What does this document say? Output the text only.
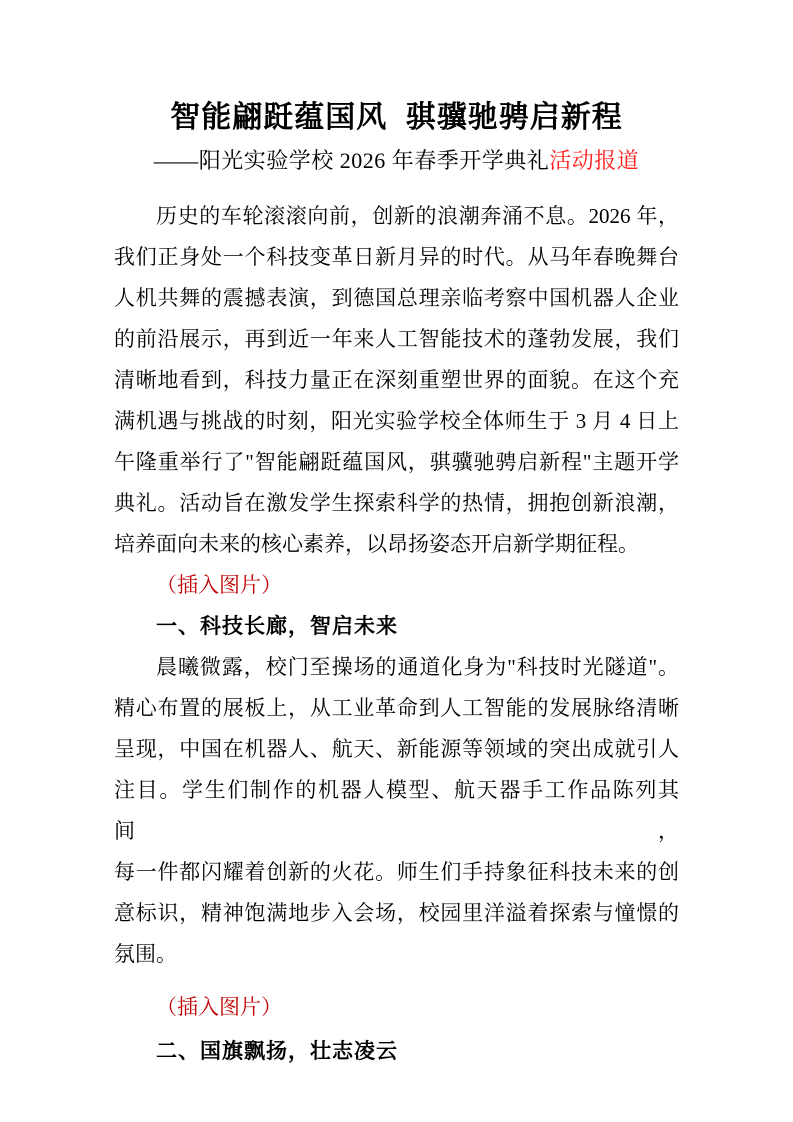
智能翩跹蕴国风 骐骥驰骋启新程
——阳光实验学校 2026 年春季开学典礼活动报道
历史的车轮滚滚向前，创新的浪潮奔涌不息。2026 年，
我们正身处一个科技变革日新月异的时代。从马年春晚舞台
人机共舞的震撼表演，到德国总理亲临考察中国机器人企业
的前沿展示，再到近一年来人工智能技术的蓬勃发展，我们
清晰地看到，科技力量正在深刻重塑世界的面貌。在这个充
满机遇与挑战的时刻，阳光实验学校全体师生于 3 月 4 日上
午隆重举行了"智能翩跹蕴国风，骐骥驰骋启新程"主题开学
典礼。活动旨在激发学生探索科学的热情，拥抱创新浪潮，
培养面向未来的核心素养，以昂扬姿态开启新学期征程。
（插入图片）
一、科技长廊，智启未来
晨曦微露，校门至操场的通道化身为"科技时光隧道"。
精心布置的展板上，从工业革命到人工智能的发展脉络清晰
呈现，中国在机器人、航天、新能源等领域的突出成就引人
注目。学生们制作的机器人模型、航天器手工作品陈列其间，
每一件都闪耀着创新的火花。师生们手持象征科技未来的创
意标识，精神饱满地步入会场，校园里洋溢着探索与憧憬的
氛围。
（插入图片）
二、国旗飘扬，壮志凌云
